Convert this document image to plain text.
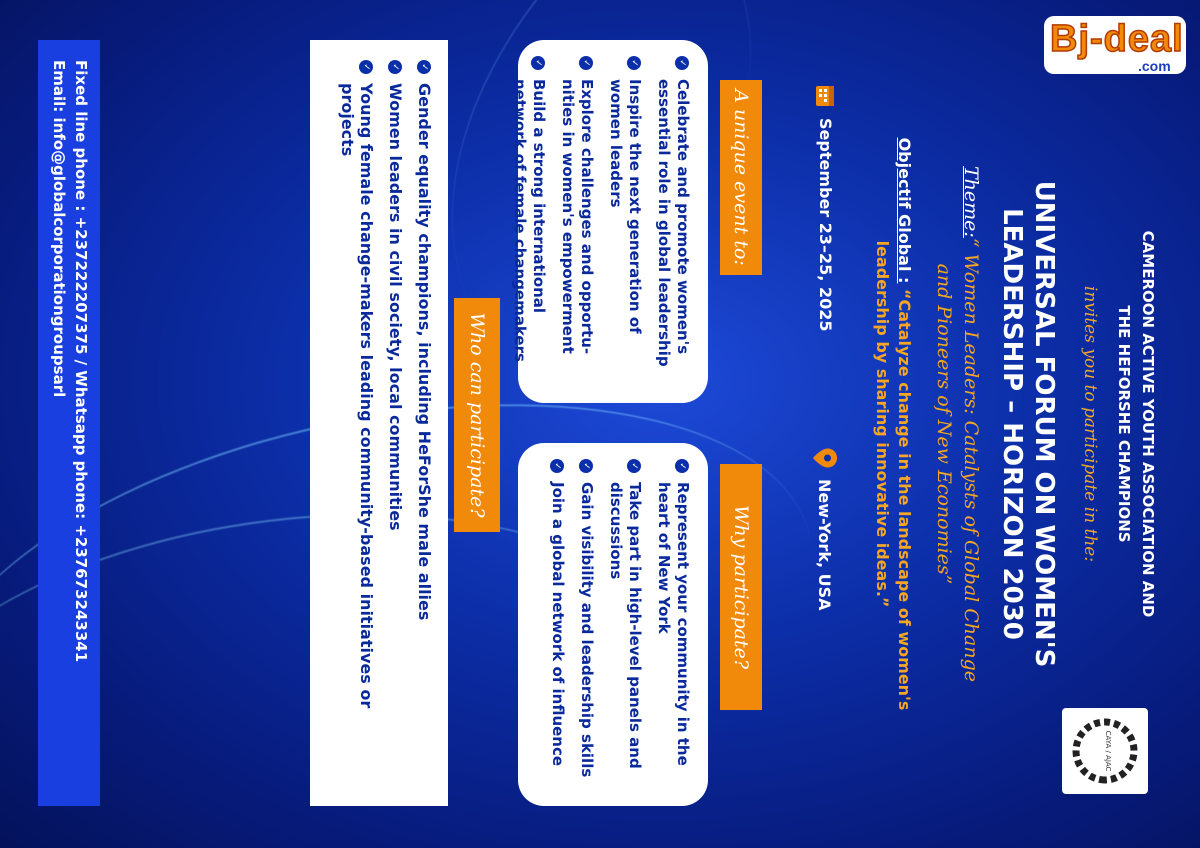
Bj-deal
.com
CAMEROON ACTIVE YOUTH ASSOCIATION AND
THE HEFORSHE CHAMPIONS
CAYA / AJAC
invites you to participate in the:
UNIVERSAL FORUM ON WOMEN'S
LEADERSHIP – HORIZON 2030
Theme:“ Women Leaders: Catalysts of Global Change
and Pioneers of New Economies”
Objectif Global : “Catalyze change in the landscape of women's
leadership by sharing innovative ideas.”
September 23–25, 2025
New-York, USA
A unique event to:
Why participate?
✓
Celebrate and promote women's essential role in global leadership
✓
Inspire the next generation of women leaders
✓
Explore challenges and opportu- nities in women's empowerment
✓
Build a strong international network of female changemakers
✓
Represent your community in the heart of New York
✓
Take part in high-level panels and discussions
✓
Gain visibility and leadership skills
✓
Join a global network of influence
Who can participate?
✓
Gender equality champions, including HeForShe male allies
✓
Women leaders in civil society, local communities
✓
Young female change-makers leading community-based initiatives or projects
Fixed line phone : +237222207375 / Whatsapp phone: +237673243341
Email: info@globalcorporationgroupsarl
